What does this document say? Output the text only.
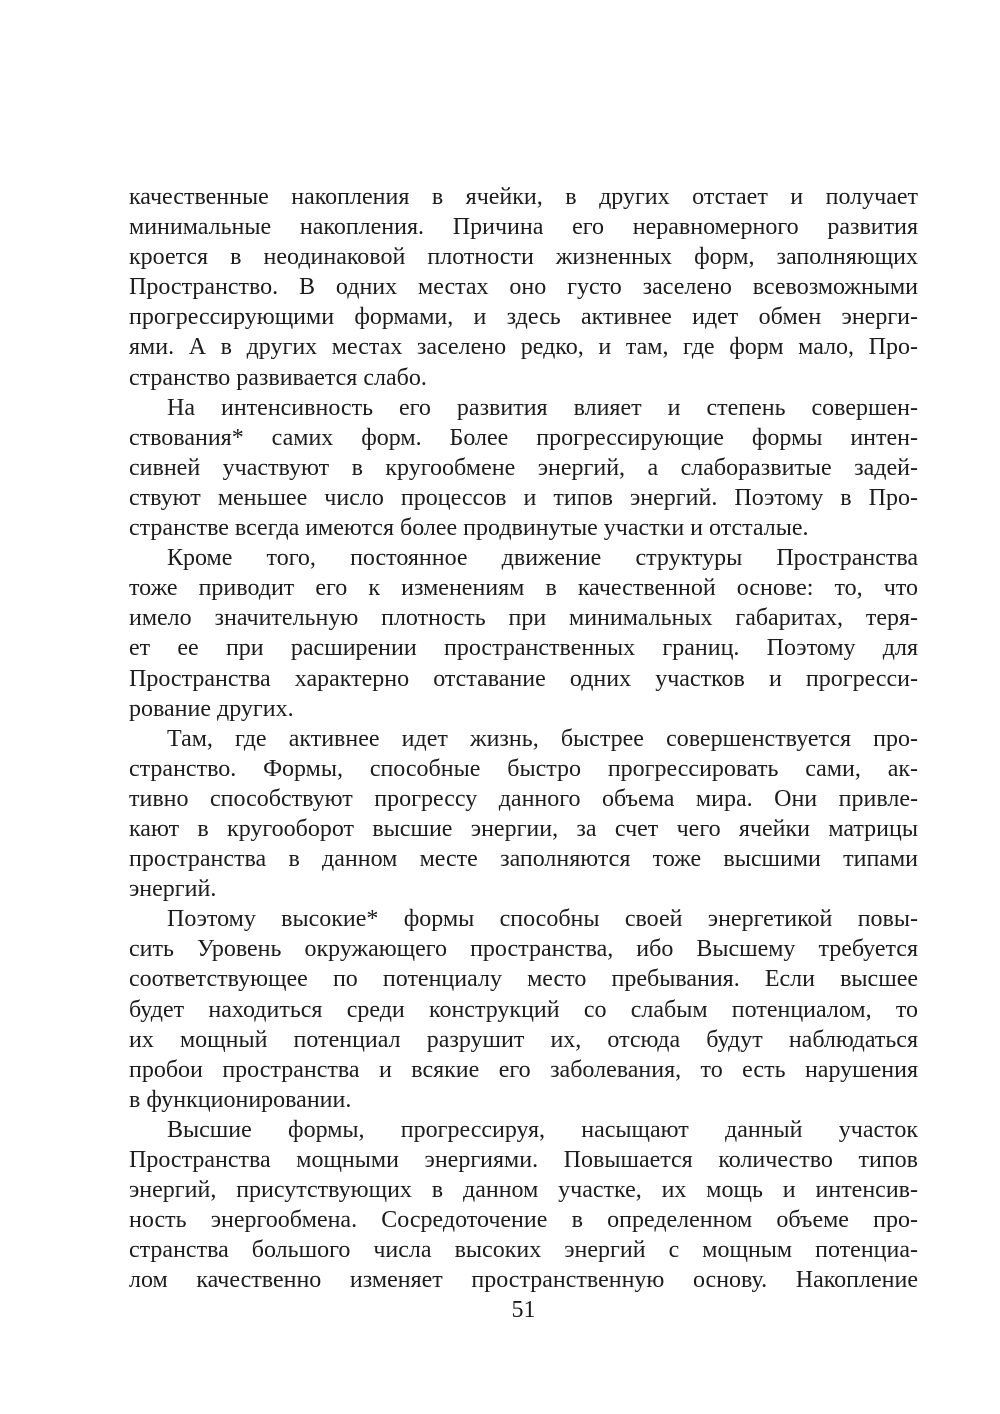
качественные накопления в ячейки, в других отстает и получает
минимальные накопления. Причина его неравномерного развития
кроется в неодинаковой плотности жизненных форм, заполняющих
Пространство. В одних местах оно густо заселено всевозможными
прогрессирующими формами, и здесь активнее идет обмен энерги-
ями. А в других местах заселено редко, и там, где форм мало, Про-
странство развивается слабо.
На интенсивность его развития влияет и степень совершен-
ствования* самих форм. Более прогрессирующие формы интен-
сивней участвуют в кругообмене энергий, а слаборазвитые задей-
ствуют меньшее число процессов и типов энергий. Поэтому в Про-
странстве всегда имеются более продвинутые участки и отсталые.
Кроме того, постоянное движение структуры Пространства
тоже приводит его к изменениям в качественной основе: то, что
имело значительную плотность при минимальных габаритах, теря-
ет ее при расширении пространственных границ. Поэтому для
Пространства характерно отставание одних участков и прогресси-
рование других.
Там, где активнее идет жизнь, быстрее совершенствуется про-
странство. Формы, способные быстро прогрессировать сами, ак-
тивно способствуют прогрессу данного объема мира. Они привле-
кают в кругооборот высшие энергии, за счет чего ячейки матрицы
пространства в данном месте заполняются тоже высшими типами
энергий.
Поэтому высокие* формы способны своей энергетикой повы-
сить Уровень окружающего пространства, ибо Высшему требуется
соответствующее по потенциалу место пребывания. Если высшее
будет находиться среди конструкций со слабым потенциалом, то
их мощный потенциал разрушит их, отсюда будут наблюдаться
пробои пространства и всякие его заболевания, то есть нарушения
в функционировании.
Высшие формы, прогрессируя, насыщают данный участок
Пространства мощными энергиями. Повышается количество типов
энергий, присутствующих в данном участке, их мощь и интенсив-
ность энергообмена. Сосредоточение в определенном объеме про-
странства большого числа высоких энергий с мощным потенциа-
лом качественно изменяет пространственную основу. Накопление
51
